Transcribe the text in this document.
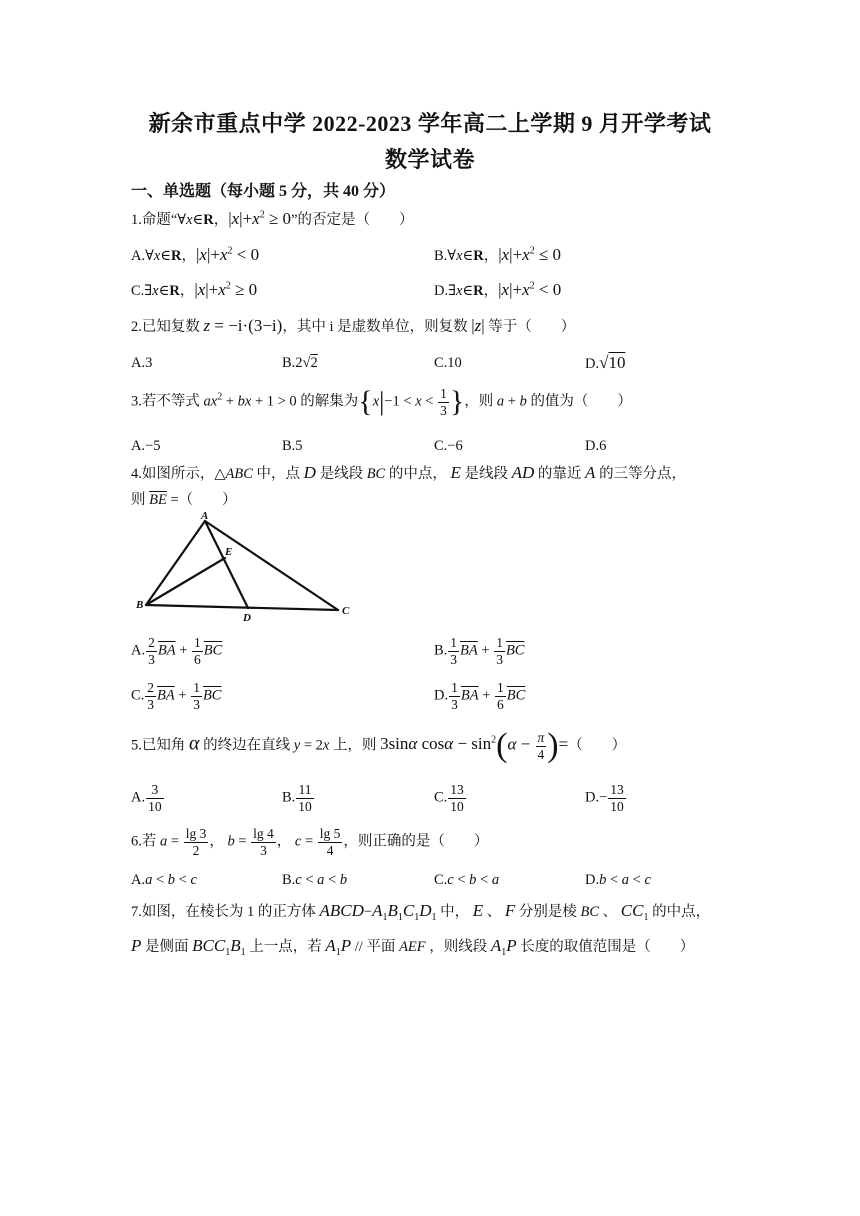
新余市重点中学 2022-2023 学年高二上学期 9 月开学考试
数学试卷
一、单选题（每小题 5 分，共 40 分）
1.命题“∀x∈R，$|x|+x^2 \ge 0$”的否定是（　　）
A.∀x∈R，$|x|+x^2 < 0$	B.∀x∈R，$|x|+x^2 \le 0$
C.∃x∈R，$|x|+x^2 \ge 0$	D.∃x∈R，$|x|+x^2 < 0$
2.已知复数 z = −i·(3−i)，其中 i 是虚数单位，则复数 |z| 等于（　　）
A.3	B.2√2	C.10	D.√10
3.若不等式 $ax^2$ + bx + 1 > 0 的解集为{$x|-1 < x < \frac{1}{3}$ }，则 a + b 的值为（　　）
A.−5	B.5	C.−6	D.6
4.如图所示，△ABC 中，点 D 是线段 BC 的中点， E 是线段 AD 的靠近 A 的三等分点，
则 $\overline{BE}$ =（　　）
A
B	C
D
E
A. $\frac{2}{3} \overline{BA} + \frac{1}{6} \overline{BC}$	B. $\frac{1}{3} \overline{BA} + \frac{1}{3} \overline{BC}$
C. $\frac{2}{3} \overline{BA} + \frac{1}{3} \overline{BC}$	D. $\frac{1}{3} \overline{BA} + \frac{1}{6} \overline{BC}$
5.已知角 α 的终边在直线 y = 2x 上，则 3sinα $\cos\alpha - \sin^2(\alpha - \frac{\pi}{4}$ )=（　　）
A. $\frac{3}{10}$	B. $\frac{11}{10}$	C. $\frac{13}{10}$	$D.- \frac{13}{10}$
6.若 $a = \frac{\lg 3}{2}$ ， $b = \frac{\lg 4}{3}$ ， $c = \frac{\lg 5}{4}$ ，则正确的是（　　）
A.a < b < c	B.c < a < b	C.c < b < a	D.b < a < c
7.如图，在棱长为 1 的正方体 $ABCD-A_1B_1C_1D_1$ 中， E 、 F 分别是棱 BC 、 $CC_1$ 的中点，
P 是侧面 $BCC_1B_1$ 上一点，若 $A_1P$ // 平面 AEF ，则线段 $A_1P$ 长度的取值范围是（　　）
